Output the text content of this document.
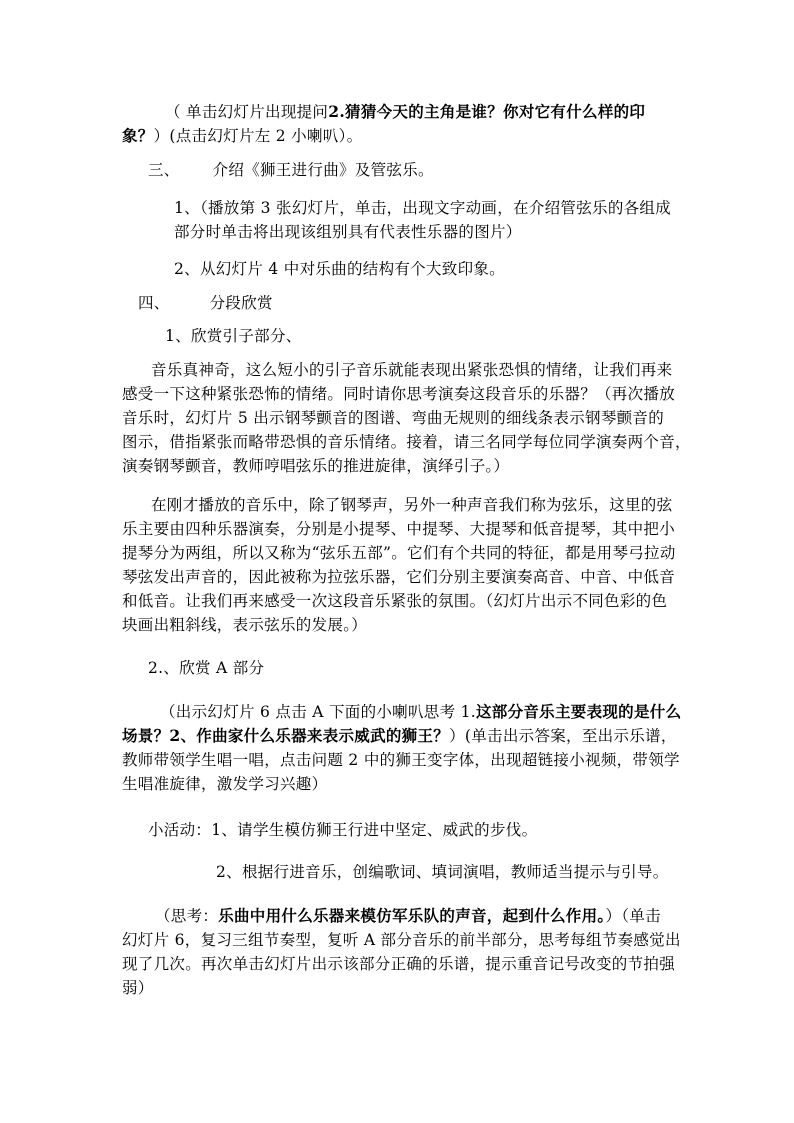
（ 单击幻灯片出现提问2.猜猜今天的主角是谁？你对它有什么样的印

象？）(点击幻灯片左 2 小喇叭）。

三、 介绍《狮王进行曲》及管弦乐。

1、（播放第 3 张幻灯片，单击，出现文字动画，在介绍管弦乐的各组成

部分时单击将出现该组别具有代表性乐器的图片）

2、从幻灯片 4 中对乐曲的结构有个大致印象。

四、	分段欣赏

1、欣赏引子部分、

音乐真神奇，这么短小的引子音乐就能表现出紧张恐惧的情绪，让我们再来

感受一下这种紧张恐怖的情绪。同时请你思考演奏这段音乐的乐器？（再次播放

音乐时，幻灯片 5 出示钢琴颤音的图谱、弯曲无规则的细线条表示钢琴颤音的

图示，借指紧张而略带恐惧的音乐情绪。接着，请三名同学每位同学演奏两个音，

演奏钢琴颤音，教师哼唱弦乐的推进旋律，演绎引子。）

在刚才播放的音乐中，除了钢琴声，另外一种声音我们称为弦乐，这里的弦

乐主要由四种乐器演奏，分别是小提琴、中提琴、大提琴和低音提琴，其中把小

提琴分为两组，所以又称为“弦乐五部”。它们有个共同的特征，都是用琴弓拉动

琴弦发出声音的，因此被称为拉弦乐器，它们分别主要演奏高音、中音、中低音

和低音。让我们再来感受一次这段音乐紧张的氛围。（幻灯片出示不同色彩的色

块画出粗斜线，表示弦乐的发展。）

2.、欣赏 A 部分

（出示幻灯片 6 点击 A 下面的小喇叭思考 1.这部分音乐主要表现的是什么

场景？2、作曲家什么乐器来表示威武的狮王？）(单击出示答案，至出示乐谱，

教师带领学生唱一唱，点击问题 2 中的狮王变字体，出现超链接小视频，带领学

生唱准旋律，激发学习兴趣）

小活动：1、请学生模仿狮王行进中坚定、威武的步伐。

2、根据行进音乐，创编歌词、填词演唱，教师适当提示与引导。

（思考：乐曲中用什么乐器来模仿军乐队的声音，起到什么作用。）（单击

幻灯片 6，复习三组节奏型，复听 A 部分音乐的前半部分，思考每组节奏感觉出

现了几次。再次单击幻灯片出示该部分正确的乐谱，提示重音记号改变的节拍强

弱）
